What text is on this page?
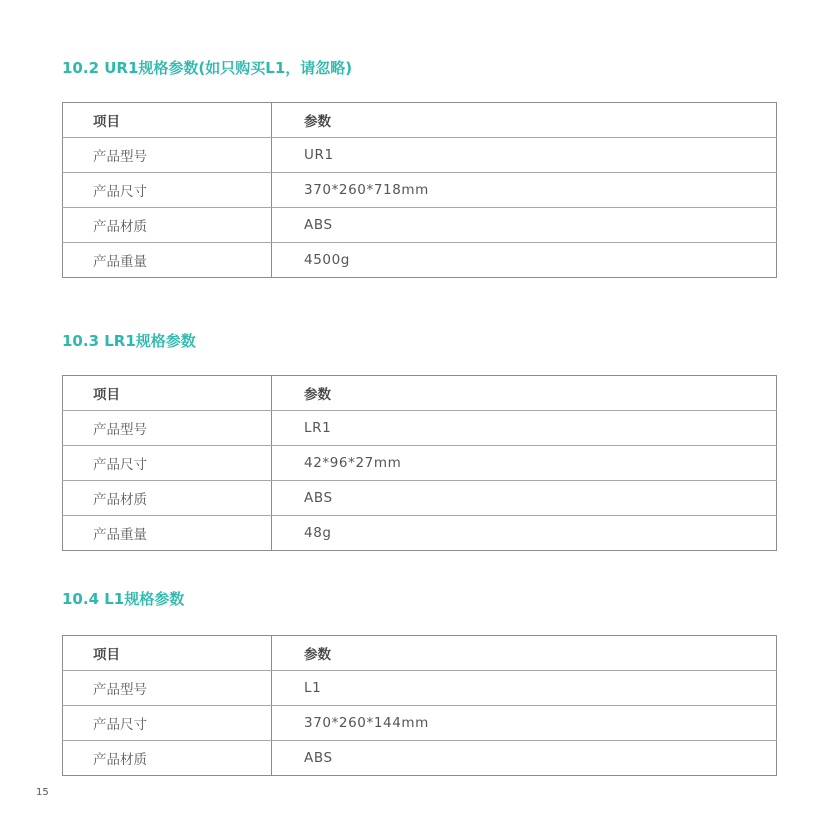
10.2 UR1规格参数(如只购买L1，请忽略)
项目	参数
产品型号	UR1
产品尺寸	370*260*718mm
产品材质	ABS
产品重量	4500g
10.3 LR1规格参数
项目	参数
产品型号	LR1
产品尺寸	42*96*27mm
产品材质	ABS
产品重量	48g
10.4 L1规格参数
项目	参数
产品型号	L1
产品尺寸	370*260*144mm
产品材质	ABS
15
